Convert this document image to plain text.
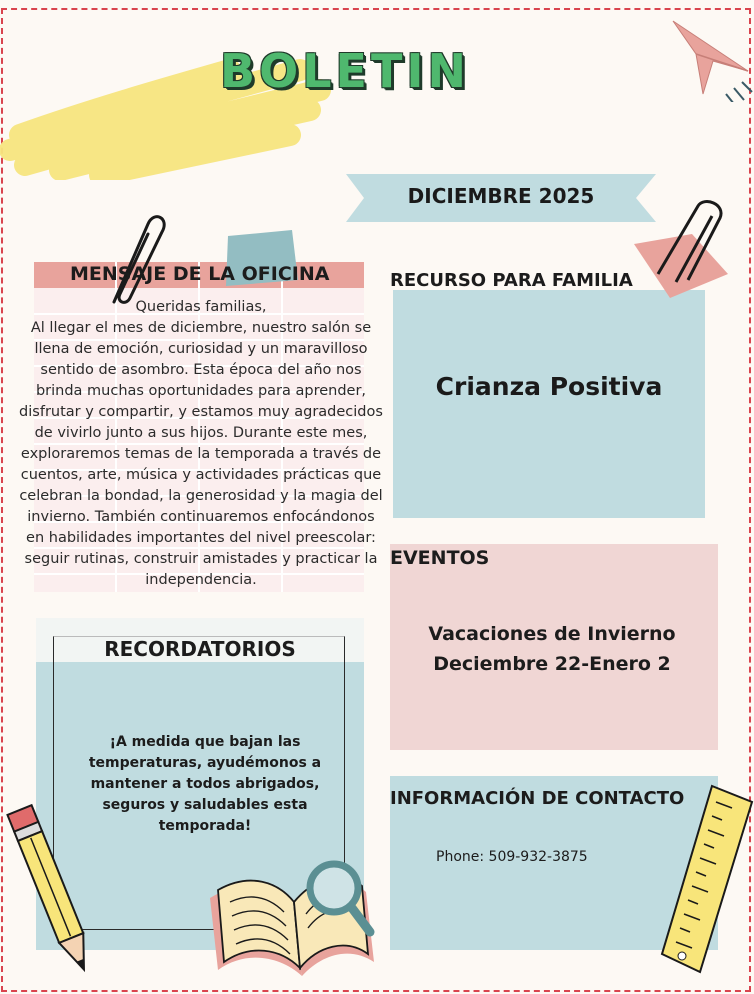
BOLETIN
DICIEMBRE 2025
MENSAJE DE LA OFICINA
Queridas familias,
Al llegar el mes de diciembre, nuestro salón se llena de emoción, curiosidad y un maravilloso sentido de asombro. Esta época del año nos brinda muchas oportunidades para aprender, disfrutar y compartir, y estamos muy agradecidos de vivirlo junto a sus hijos. Durante este mes, exploraremos temas de la temporada a través de cuentos, arte, música y actividades prácticas que celebran la bondad, la generosidad y la magia del invierno. También continuaremos enfocándonos en habilidades importantes del nivel preescolar: seguir rutinas, construir amistades y practicar la independencia.
RECURSO PARA FAMILIA
Crianza Positiva
EVENTOS
Vacaciones de Invierno
Deciembre 22-Enero 2
RECORDATORIOS
¡A medida que bajan las temperaturas, ayudémonos a mantener a todos abrigados, seguros y saludables esta temporada!
INFORMACIÓN DE CONTACTO
Phone: 509-932-3875
